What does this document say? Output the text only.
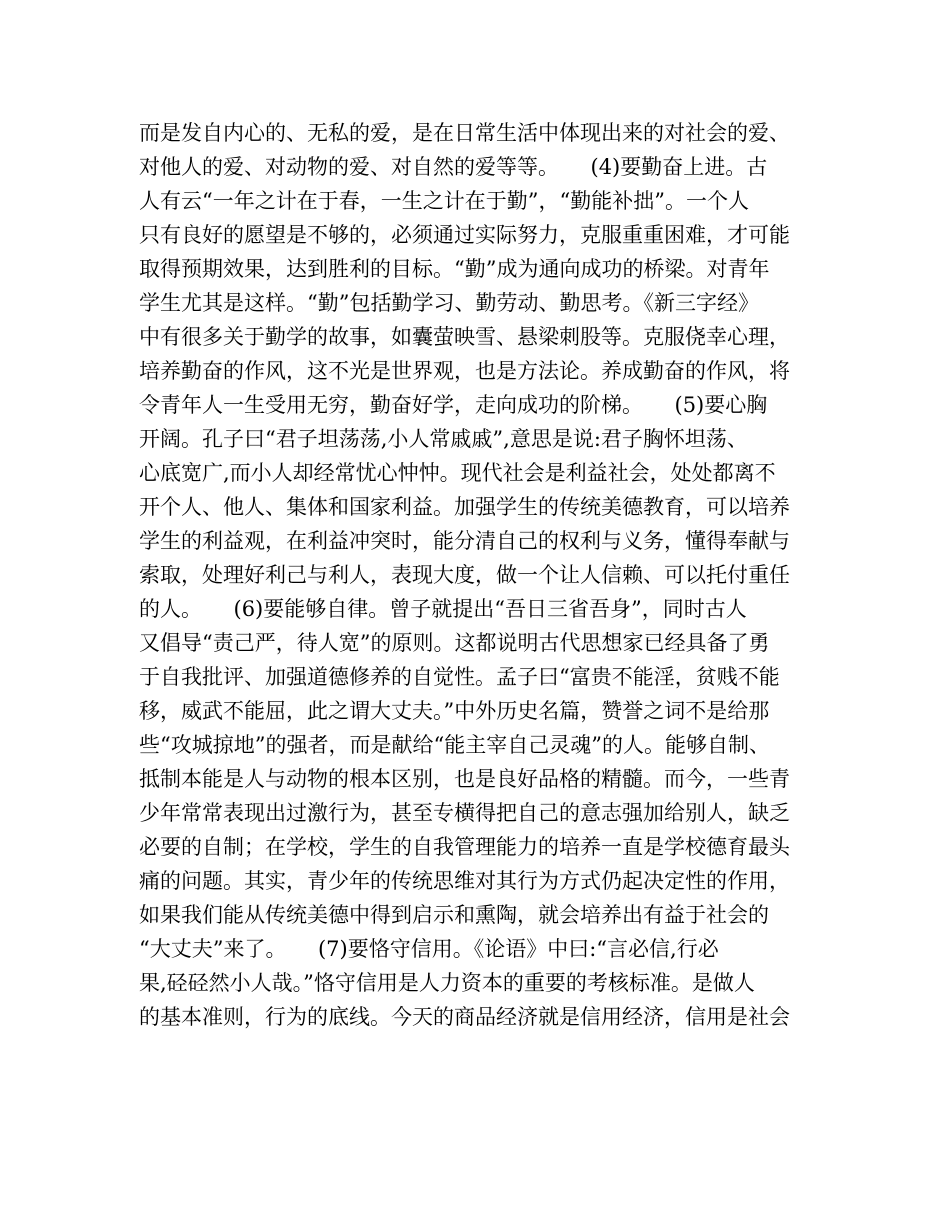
而是发自内心的、无私的爱，是在日常生活中体现出来的对社会的爱、
对他人的爱、对动物的爱、对自然的爱等等。　　(4)要勤奋上进。古
人有云“一年之计在于春，一生之计在于勤”，“勤能补拙”。一个人
只有良好的愿望是不够的，必须通过实际努力，克服重重困难，才可能
取得预期效果，达到胜利的目标。“勤”成为通向成功的桥梁。对青年
学生尤其是这样。“勤”包括勤学习、勤劳动、勤思考。《新三字经》
中有很多关于勤学的故事，如囊萤映雪、悬梁刺股等。克服侥幸心理，
培养勤奋的作风，这不光是世界观，也是方法论。养成勤奋的作风，将
令青年人一生受用无穷，勤奋好学，走向成功的阶梯。　　(5)要心胸
开阔。孔子曰“君子坦荡荡,小人常戚戚”,意思是说:君子胸怀坦荡、
心底宽广,而小人却经常忧心忡忡。现代社会是利益社会，处处都离不
开个人、他人、集体和国家利益。加强学生的传统美德教育，可以培养
学生的利益观，在利益冲突时，能分清自己的权利与义务，懂得奉献与
索取，处理好利己与利人，表现大度，做一个让人信赖、可以托付重任
的人。　　(6)要能够自律。曾子就提出“吾日三省吾身”，同时古人
又倡导“责己严，待人宽”的原则。这都说明古代思想家已经具备了勇
于自我批评、加强道德修养的自觉性。孟子曰“富贵不能淫，贫贱不能
移，威武不能屈，此之谓大丈夫。”中外历史名篇，赞誉之词不是给那
些“攻城掠地”的强者，而是献给“能主宰自己灵魂”的人。能够自制、
抵制本能是人与动物的根本区别，也是良好品格的精髓。而今，一些青
少年常常表现出过激行为，甚至专横得把自己的意志强加给别人，缺乏
必要的自制；在学校，学生的自我管理能力的培养一直是学校德育最头
痛的问题。其实，青少年的传统思维对其行为方式仍起决定性的作用，
如果我们能从传统美德中得到启示和熏陶，就会培养出有益于社会的
“大丈夫”来了。　　(7)要恪守信用。《论语》中曰:“言必信,行必
果,硁硁然小人哉。”恪守信用是人力资本的重要的考核标准。是做人
的基本准则，行为的底线。今天的商品经济就是信用经济，信用是社会
